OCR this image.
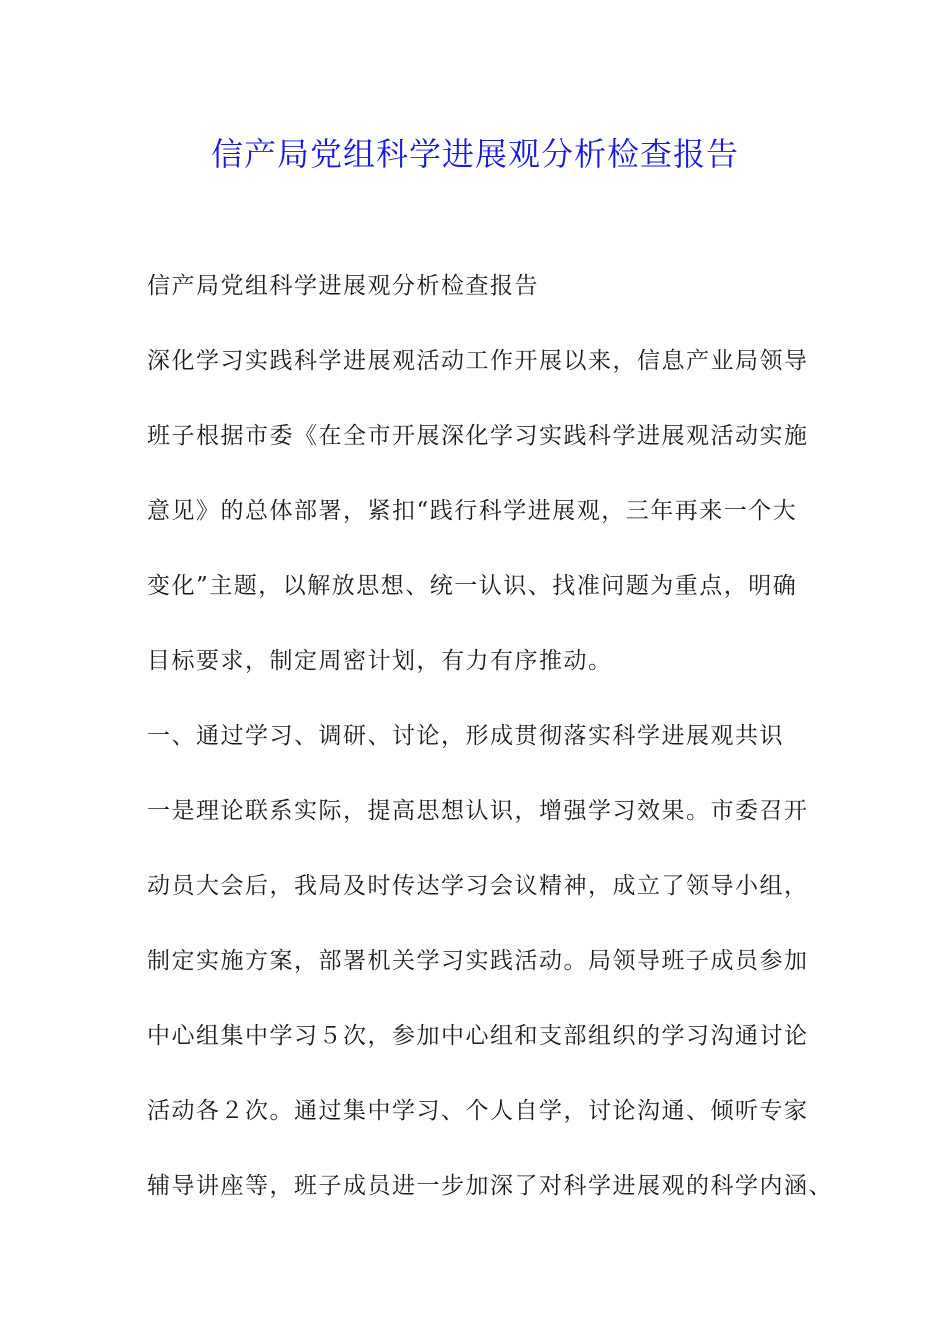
信产局党组科学进展观分析检查报告

信产局党组科学进展观分析检查报告

深化学习实践科学进展观活动工作开展以来，信息产业局领导

班子根据市委《在全市开展深化学习实践科学进展观活动实施

意见》的总体部署，紧扣“践行科学进展观，三年再来一个大

变化”主题，以解放思想、统一认识、找准问题为重点，明确

目标要求，制定周密计划，有力有序推动。

一、通过学习、调研、讨论，形成贯彻落实科学进展观共识

一是理论联系实际，提高思想认识，增强学习效果。市委召开

动员大会后，我局及时传达学习会议精神，成立了领导小组，

制定实施方案，部署机关学习实践活动。局领导班子成员参加

中心组集中学习５次，参加中心组和支部组织的学习沟通讨论

活动各２次。通过集中学习、个人自学，讨论沟通、倾听专家

辅导讲座等，班子成员进一步加深了对科学进展观的科学内涵、
